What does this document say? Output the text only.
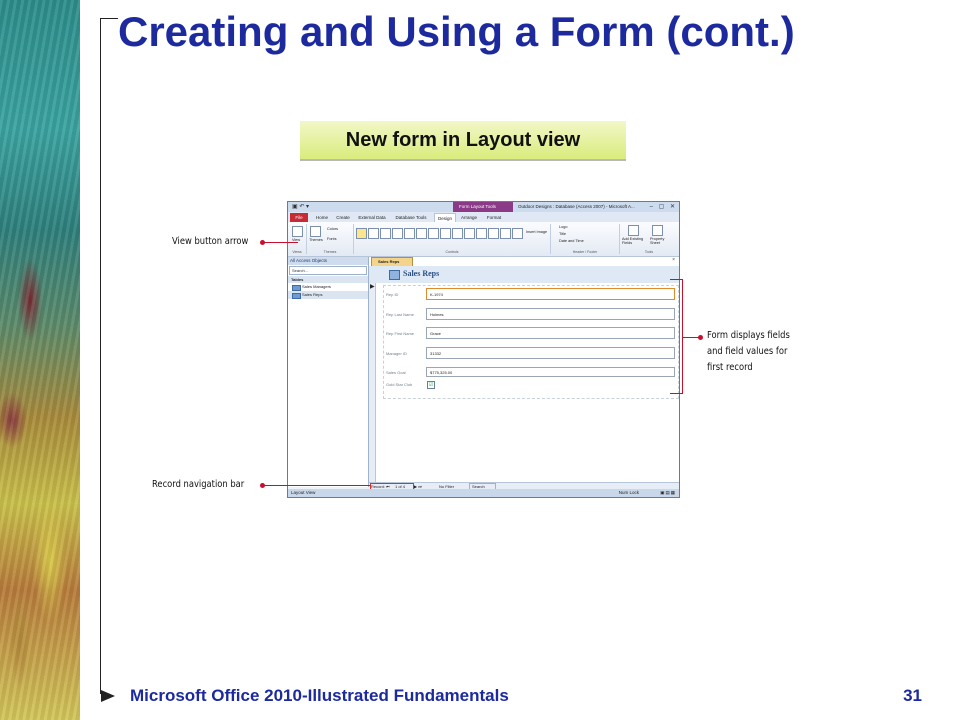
Creating and Using a Form (cont.)
New form in Layout view
▣ ↶ ▾	Form Layout Tools	Outdoor Designs : Database (Access 2007) - Microsoft A... – ▢ ✕
File	Home	Create	External Data	Database Tools	Design	Arrange	Format
View
Views
Themes
Colors
Fonts
Themes
Insert Image
Controls
Logo
Title
Date and Time
Header / Footer
Add Existing Fields
Property Sheet
Tools
All Access Objects
Search...
Tables
Sales Managers
Sales Reps
Sales Reps	×
Sales Reps
▶
Rep ID	K-1974
Rep Last Name	Holmes
Rep First Name	Grace
Manager ID	31332
Sales Goal	$775,325.00
Gold Star Club	☑
Record: ⏮ 1 of 4 ▶ ⏭	No Filter	Search
Layout View	Num Lock	▣▤▦
View button arrow
Record navigation bar
Form displays fields
and field values for
first record
Microsoft Office 2010-Illustrated Fundamentals	31
